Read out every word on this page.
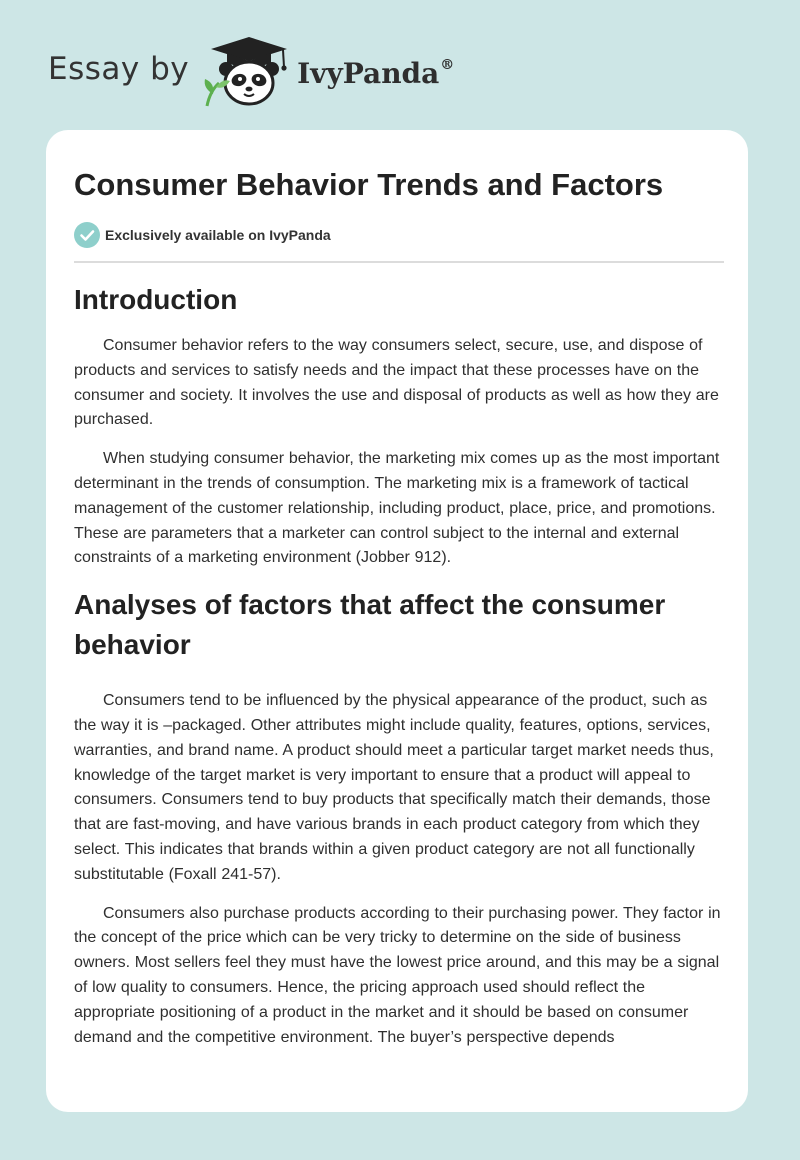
Essay by	IvyPanda®
Consumer Behavior Trends and Factors
Exclusively available on IvyPanda
Introduction

Consumer behavior refers to the way consumers select, secure, use, and dispose of products and services to satisfy needs and the impact that these processes have on the consumer and society. It involves the use and disposal of products as well as how they are purchased.

When studying consumer behavior, the marketing mix comes up as the most important determinant in the trends of consumption. The marketing mix is a framework of tactical management of the customer relationship, including product, place, price, and promotions. These are parameters that a marketer can control subject to the internal and external constraints of a marketing environment (Jobber 912).

Analyses of factors that affect the consumer behavior

Consumers tend to be influenced by the physical appearance of the product, such as the way it is –packaged. Other attributes might include quality, features, options, services, warranties, and brand name. A product should meet a particular target market needs thus, knowledge of the target market is very important to ensure that a product will appeal to consumers. Consumers tend to buy products that specifically match their demands, those that are fast-moving, and have various brands in each product category from which they select. This indicates that brands within a given product category are not all functionally substitutable (Foxall 241-57).

Consumers also purchase products according to their purchasing power. They factor in the concept of the price which can be very tricky to determine on the side of business owners. Most sellers feel they must have the lowest price around, and this may be a signal of low quality to consumers. Hence, the pricing approach used should reflect the appropriate positioning of a product in the market and it should be based on consumer demand and the competitive environment. The buyer’s perspective depends
